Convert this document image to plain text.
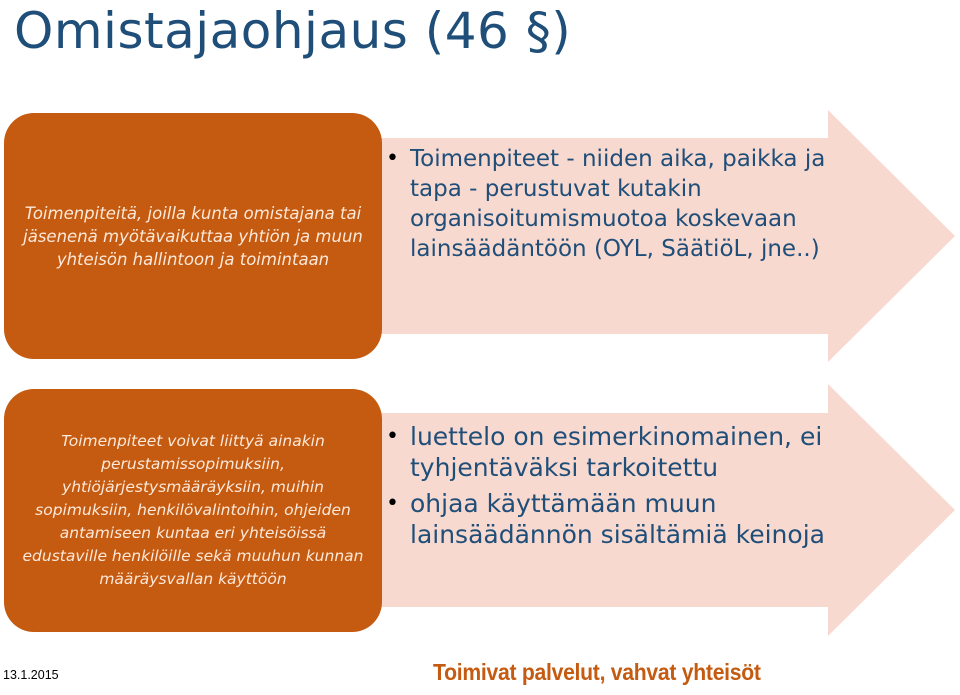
Omistajaohjaus (46 §)
Toimenpiteitä, joilla kunta omistajana tai jäsenenä myötävaikuttaa yhtiön ja muun yhteisön hallintoon ja toimintaan
• Toimenpiteet - niiden aika, paikka ja tapa - perustuvat kutakin organisoitumismuotoa koskevaan lainsäädäntöön (OYL, SäätiöL, jne..)
Toimenpiteet voivat liittyä ainakin perustamissopimuksiin, yhtiöjärjestysmääräyksiin, muihin sopimuksiin, henkilövalintoihin, ohjeiden antamiseen kuntaa eri yhteisöissä edustaville henkilöille sekä muuhun kunnan määräysvallan käyttöön
• luettelo on esimerkinomainen, ei tyhjentäväksi tarkoitettu
• ohjaa käyttämään muun lainsäädännön sisältämiä keinoja
13.1.2015	Toimivat palvelut, vahvat yhteisöt
